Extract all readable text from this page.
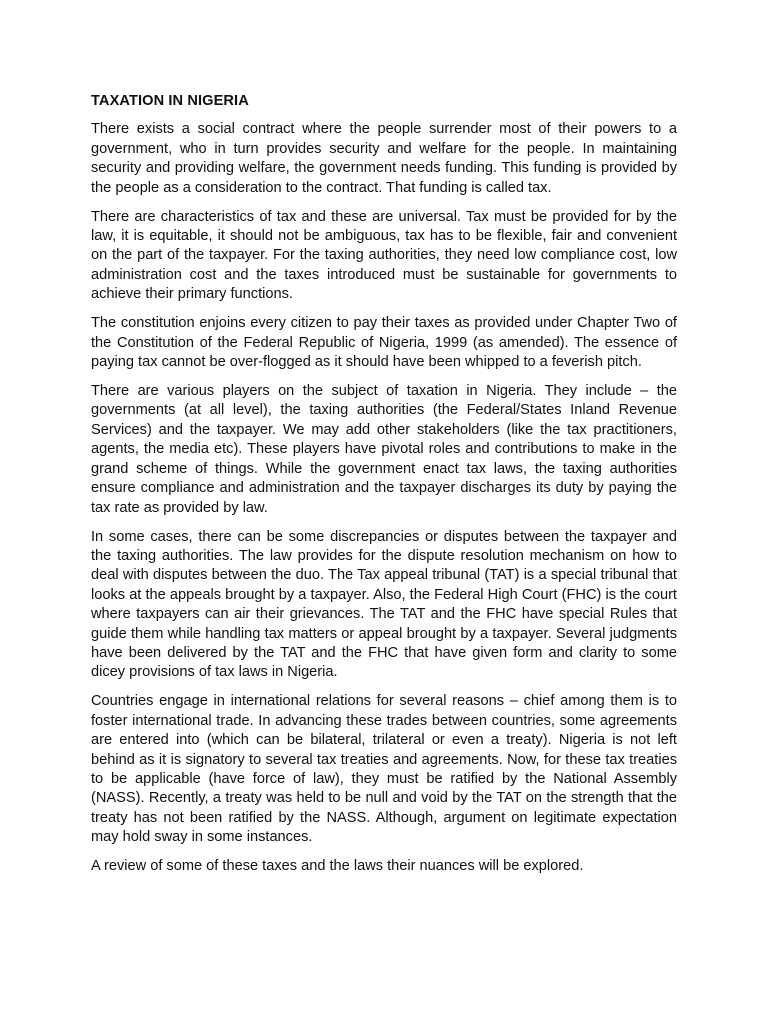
TAXATION IN NIGERIA

There exists a social contract where the people surrender most of their powers to a government, who in turn provides security and welfare for the people. In maintaining security and providing welfare, the government needs funding. This funding is provided by the people as a consideration to the contract. That funding is called tax.

There are characteristics of tax and these are universal. Tax must be provided for by the law, it is equitable, it should not be ambiguous, tax has to be flexible, fair and convenient on the part of the taxpayer. For the taxing authorities, they need low compliance cost, low administration cost and the taxes introduced must be sustainable for governments to achieve their primary functions.

The constitution enjoins every citizen to pay their taxes as provided under Chapter Two of the Constitution of the Federal Republic of Nigeria, 1999 (as amended). The essence of paying tax cannot be over-flogged as it should have been whipped to a feverish pitch.

There are various players on the subject of taxation in Nigeria. They include – the governments (at all level), the taxing authorities (the Federal/States Inland Revenue Services) and the taxpayer. We may add other stakeholders (like the tax practitioners, agents, the media etc). These players have pivotal roles and contributions to make in the grand scheme of things. While the government enact tax laws, the taxing authorities ensure compliance and administration and the taxpayer discharges its duty by paying the tax rate as provided by law.

In some cases, there can be some discrepancies or disputes between the taxpayer and the taxing authorities. The law provides for the dispute resolution mechanism on how to deal with disputes between the duo. The Tax appeal tribunal (TAT) is a special tribunal that looks at the appeals brought by a taxpayer. Also, the Federal High Court (FHC) is the court where taxpayers can air their grievances. The TAT and the FHC have special Rules that guide them while handling tax matters or appeal brought by a taxpayer. Several judgments have been delivered by the TAT and the FHC that have given form and clarity to some dicey provisions of tax laws in Nigeria.

Countries engage in international relations for several reasons – chief among them is to foster international trade. In advancing these trades between countries, some agreements are entered into (which can be bilateral, trilateral or even a treaty). Nigeria is not left behind as it is signatory to several tax treaties and agreements. Now, for these tax treaties to be applicable (have force of law), they must be ratified by the National Assembly (NASS). Recently, a treaty was held to be null and void by the TAT on the strength that the treaty has not been ratified by the NASS. Although, argument on legitimate expectation may hold sway in some instances.

A review of some of these taxes and the laws their nuances will be explored.
